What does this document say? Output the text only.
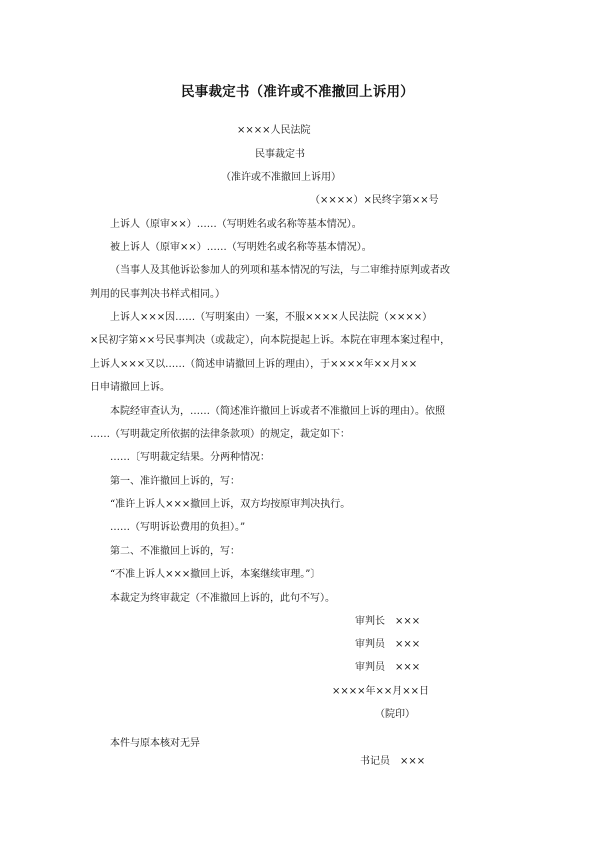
民事裁定书（准许或不准撤回上诉用）
××××人民法院
民事裁定书
（准许或不准撤回上诉用）
（××××）×民终字第××号
上诉人（原审××）……（写明姓名或名称等基本情况）。
被上诉人（原审××）……（写明姓名或名称等基本情况）。
（当事人及其他诉讼参加人的列项和基本情况的写法，与二审维持原判或者改
判用的民事判决书样式相同。）
上诉人×××因……（写明案由）一案，不服××××人民法院（××××）
×民初字第××号民事判决（或裁定），向本院提起上诉。本院在审理本案过程中，
上诉人×××又以……（简述申请撤回上诉的理由），于××××年××月××
日申请撤回上诉。
本院经审查认为，……（简述准许撤回上诉或者不准撤回上诉的理由）。依照
……（写明裁定所依据的法律条款项）的规定，裁定如下：
……〔写明裁定结果。分两种情况：
第一、准许撤回上诉的，写：
“准许上诉人×××撤回上诉，双方均按原审判决执行。
……（写明诉讼费用的负担）。”
第二、不准撤回上诉的，写：
“不准上诉人×××撤回上诉，本案继续审理。”〕
本裁定为终审裁定（不准撤回上诉的，此句不写）。
审判长　×××
审判员　×××
审判员　×××
××××年××月××日
（院印）
本件与原本核对无异
书记员　×××
